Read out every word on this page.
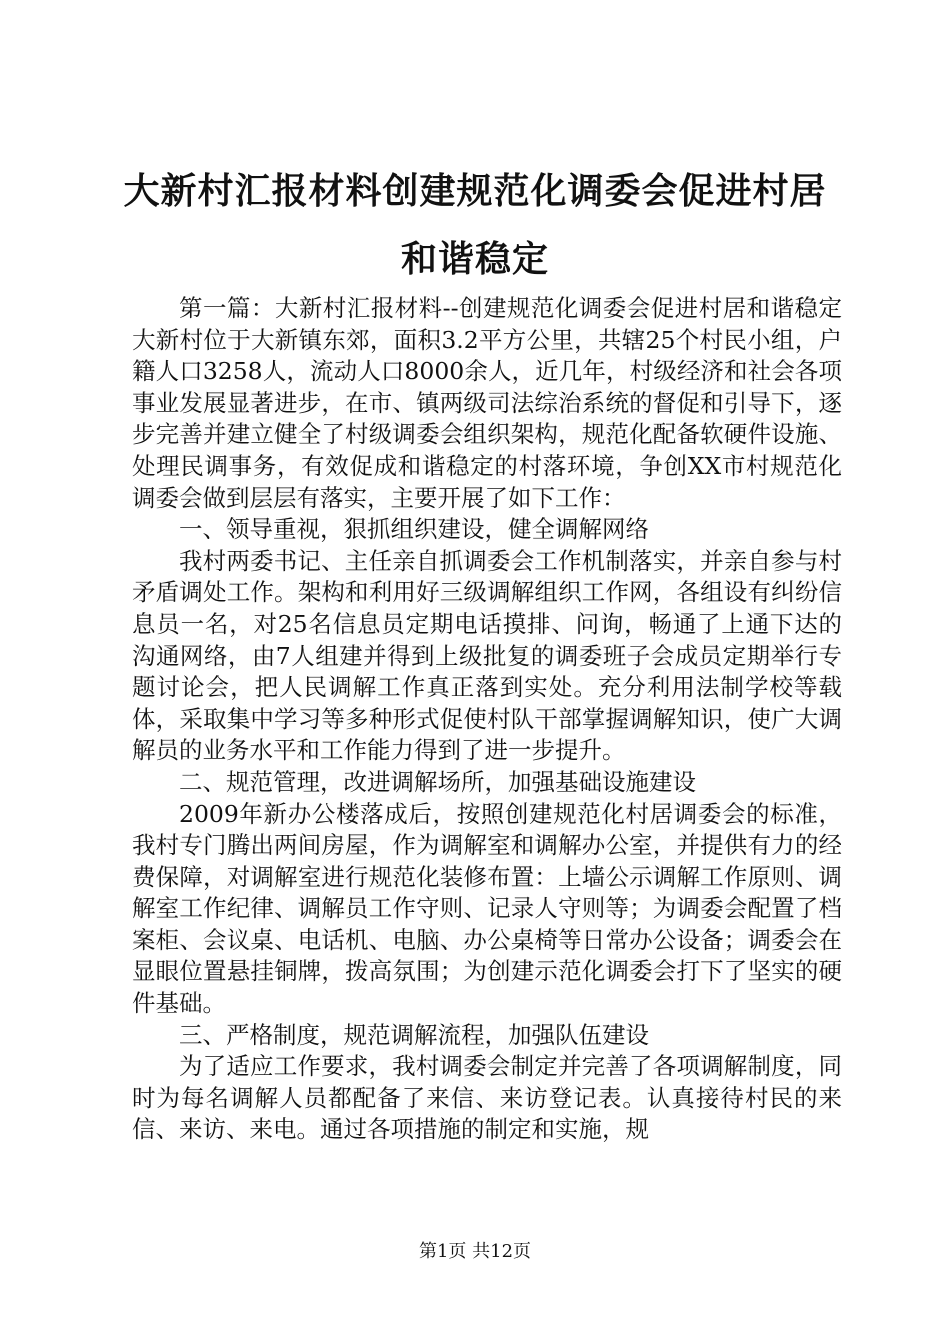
大新村汇报材料创建规范化调委会促进村居和谐稳定

第一篇：大新村汇报材料--创建规范化调委会促进村居和谐稳定大新村位于大新镇东郊，面积3.2平方公里，共辖25个村民小组，户籍人口3258人，流动人口8000余人，近几年，村级经济和社会各项事业发展显著进步，在市、镇两级司法综治系统的督促和引导下，逐步完善并建立健全了村级调委会组织架构，规范化配备软硬件设施、处理民调事务，有效促成和谐稳定的村落环境，争创XX市村规范化调委会做到层层有落实，主要开展了如下工作：

一、领导重视，狠抓组织建设，健全调解网络

我村两委书记、主任亲自抓调委会工作机制落实，并亲自参与村矛盾调处工作。架构和利用好三级调解组织工作网，各组设有纠纷信息员一名，对25名信息员定期电话摸排、问询，畅通了上通下达的沟通网络，由7人组建并得到上级批复的调委班子会成员定期举行专题讨论会，把人民调解工作真正落到实处。充分利用法制学校等载体，采取集中学习等多种形式促使村队干部掌握调解知识，使广大调解员的业务水平和工作能力得到了进一步提升。

二、规范管理，改进调解场所，加强基础设施建设

2009年新办公楼落成后，按照创建规范化村居调委会的标准，我村专门腾出两间房屋，作为调解室和调解办公室，并提供有力的经费保障，对调解室进行规范化装修布置：上墙公示调解工作原则、调解室工作纪律、调解员工作守则、记录人守则等；为调委会配置了档案柜、会议桌、电话机、电脑、办公桌椅等日常办公设备；调委会在显眼位置悬挂铜牌，拨高氛围；为创建示范化调委会打下了坚实的硬件基础。

三、严格制度，规范调解流程，加强队伍建设

为了适应工作要求，我村调委会制定并完善了各项调解制度，同时为每名调解人员都配备了来信、来访登记表。认真接待村民的来信、来访、来电。通过各项措施的制定和实施，规

第1页 共12页
